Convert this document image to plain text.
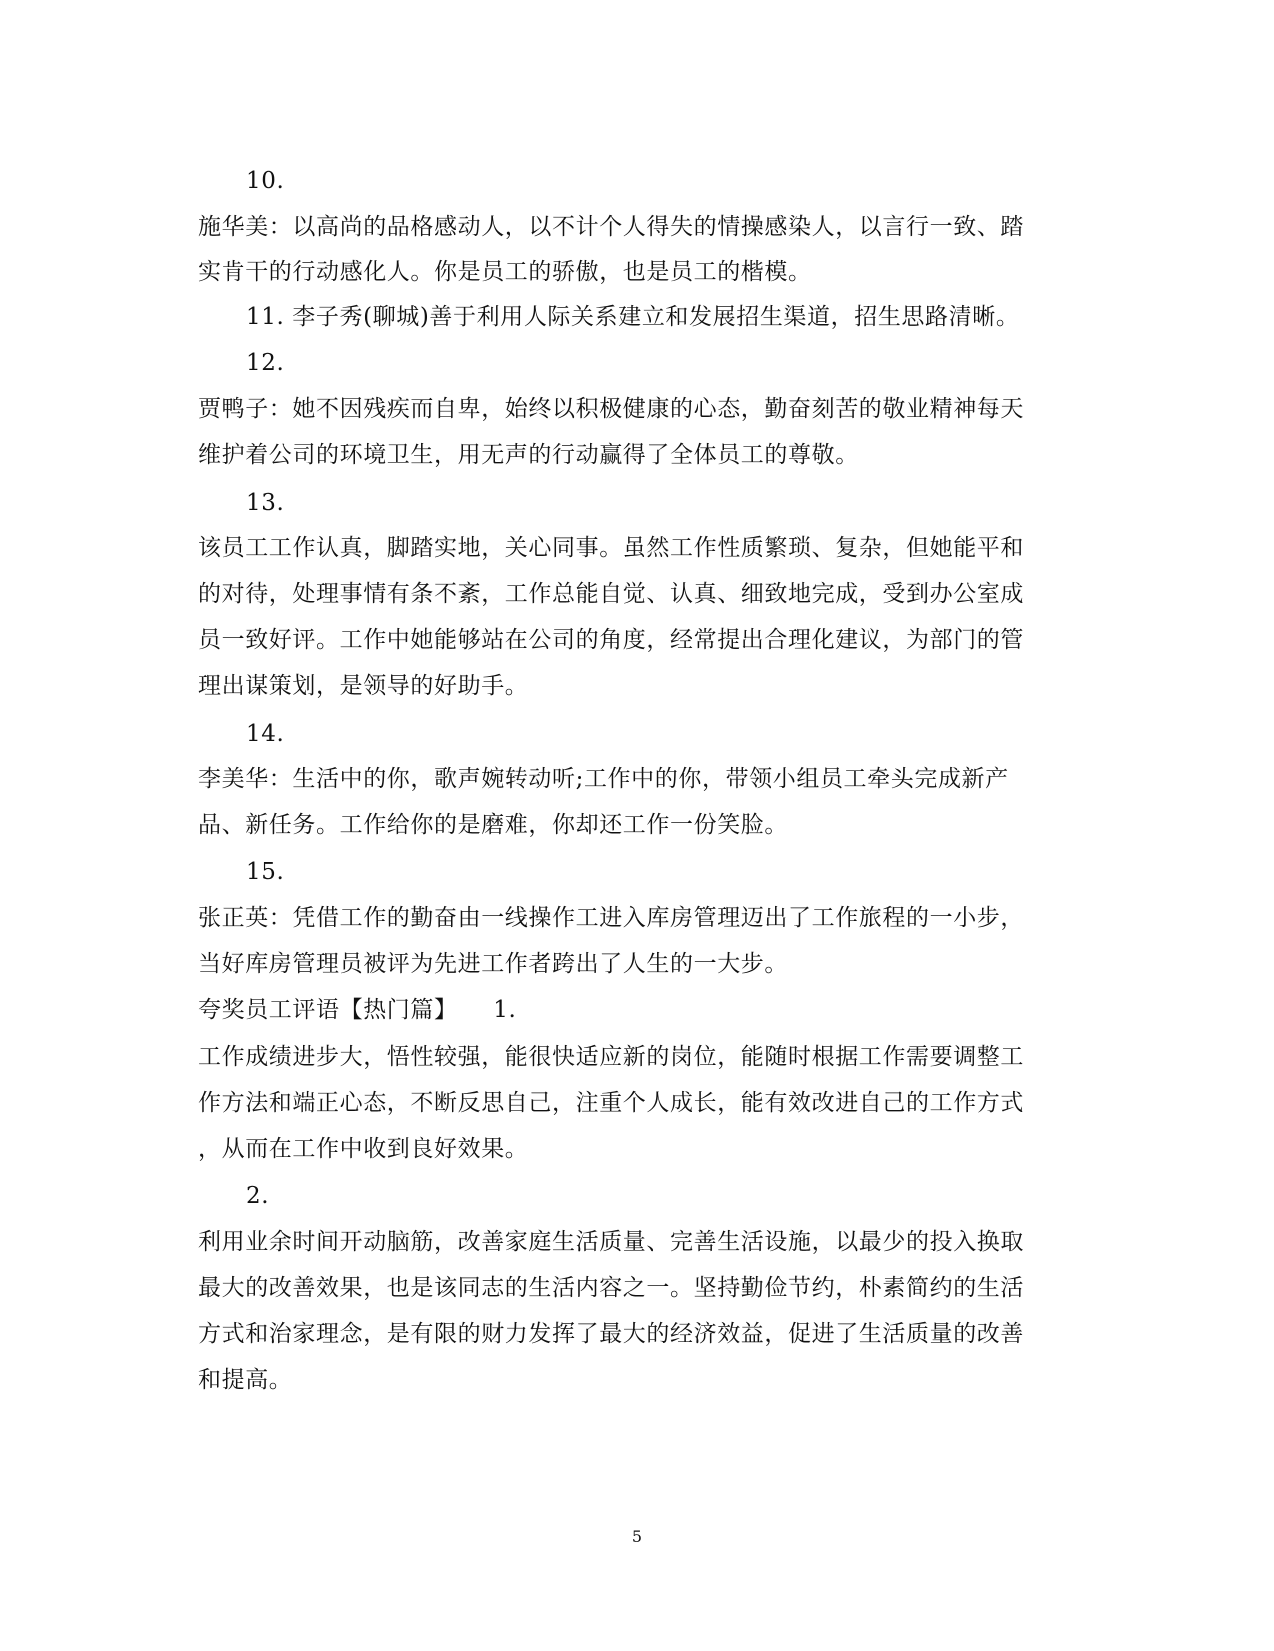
10.
施华美：以高尚的品格感动人，以不计个人得失的情操感染人，以言行一致、踏
实肯干的行动感化人。你是员工的骄傲，也是员工的楷模。
11. 李子秀(聊城)善于利用人际关系建立和发展招生渠道，招生思路清晰。
12.
贾鸭子：她不因残疾而自卑，始终以积极健康的心态，勤奋刻苦的敬业精神每天
维护着公司的环境卫生，用无声的行动赢得了全体员工的尊敬。
13.
该员工工作认真，脚踏实地，关心同事。虽然工作性质繁琐、复杂，但她能平和
的对待，处理事情有条不紊，工作总能自觉、认真、细致地完成，受到办公室成
员一致好评。工作中她能够站在公司的角度，经常提出合理化建议，为部门的管
理出谋策划，是领导的好助手。
14.
李美华：生活中的你，歌声婉转动听;工作中的你，带领小组员工牵头完成新产
品、新任务。工作给你的是磨难，你却还工作一份笑脸。
15.
张正英：凭借工作的勤奋由一线操作工进入库房管理迈出了工作旅程的一小步，
当好库房管理员被评为先进工作者跨出了人生的一大步。
夸奖员工评语【热门篇】　　1.
工作成绩进步大，悟性较强，能很快适应新的岗位，能随时根据工作需要调整工
作方法和端正心态，不断反思自己，注重个人成长，能有效改进自己的工作方式
，从而在工作中收到良好效果。
2.
利用业余时间开动脑筋，改善家庭生活质量、完善生活设施，以最少的投入换取
最大的改善效果，也是该同志的生活内容之一。坚持勤俭节约，朴素简约的生活
方式和治家理念，是有限的财力发挥了最大的经济效益，促进了生活质量的改善
和提高。
5
